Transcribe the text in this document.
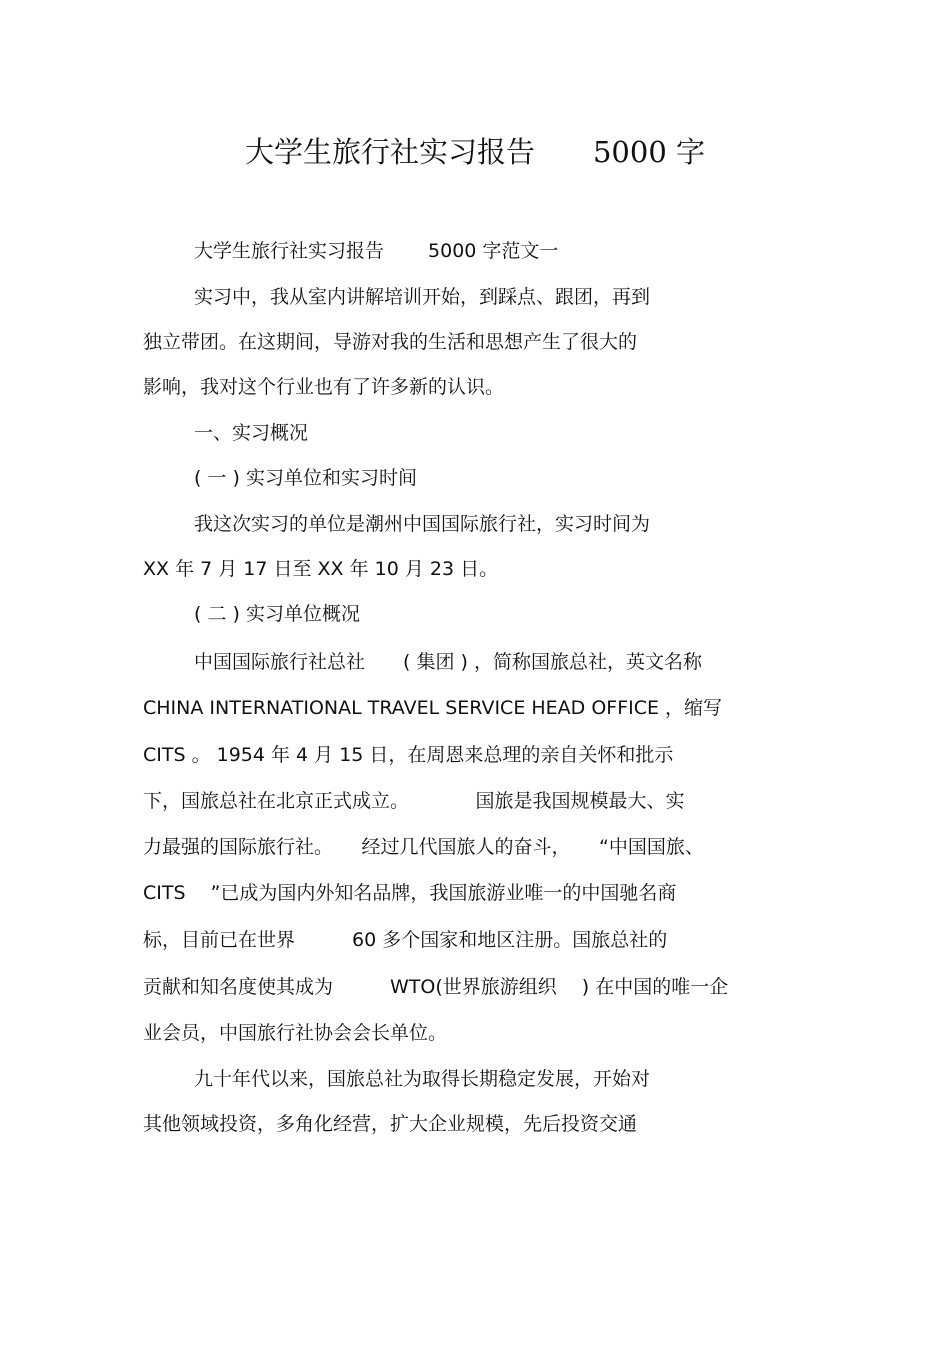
大学生旅行社实习报告　　5000 字

大学生旅行社实习报告　　 5000 字范文一

实习中，我从室内讲解培训开始，到踩点、跟团，再到

独立带团。在这期间，导游对我的生活和思想产生了很大的

影响，我对这个行业也有了许多新的认识。

一、实习概况

( 一 ) 实习单位和实习时间

我这次实习的单位是潮州中国国际旅行社，实习时间为

XX 年 7 月 17 日至 XX 年 10 月 23 日。

( 二 ) 实习单位概况

中国国际旅行社总社　　( 集团 ) ，简称国旅总社，英文名称

CHINA INTERNATIONAL TRAVEL SERVICE HEAD OFFICE ，缩写

CITS 。 1954 年 4 月 15 日，在周恩来总理的亲自关怀和批示

下，国旅总社在北京正式成立。　　　　国旅是我国规模最大、实

力最强的国际旅行社。　　经过几代国旅人的奋斗，　　“中国国旅、

CITS　 ”已成为国内外知名品牌，我国旅游业唯一的中国驰名商

标，目前已在世界　　　60 多个国家和地区注册。国旅总社的

贡献和知名度使其成为　　　WTO(世界旅游组织　 ) 在中国的唯一企

业会员，中国旅行社协会会长单位。

九十年代以来，国旅总社为取得长期稳定发展，开始对

其他领域投资，多角化经营，扩大企业规模，先后投资交通
